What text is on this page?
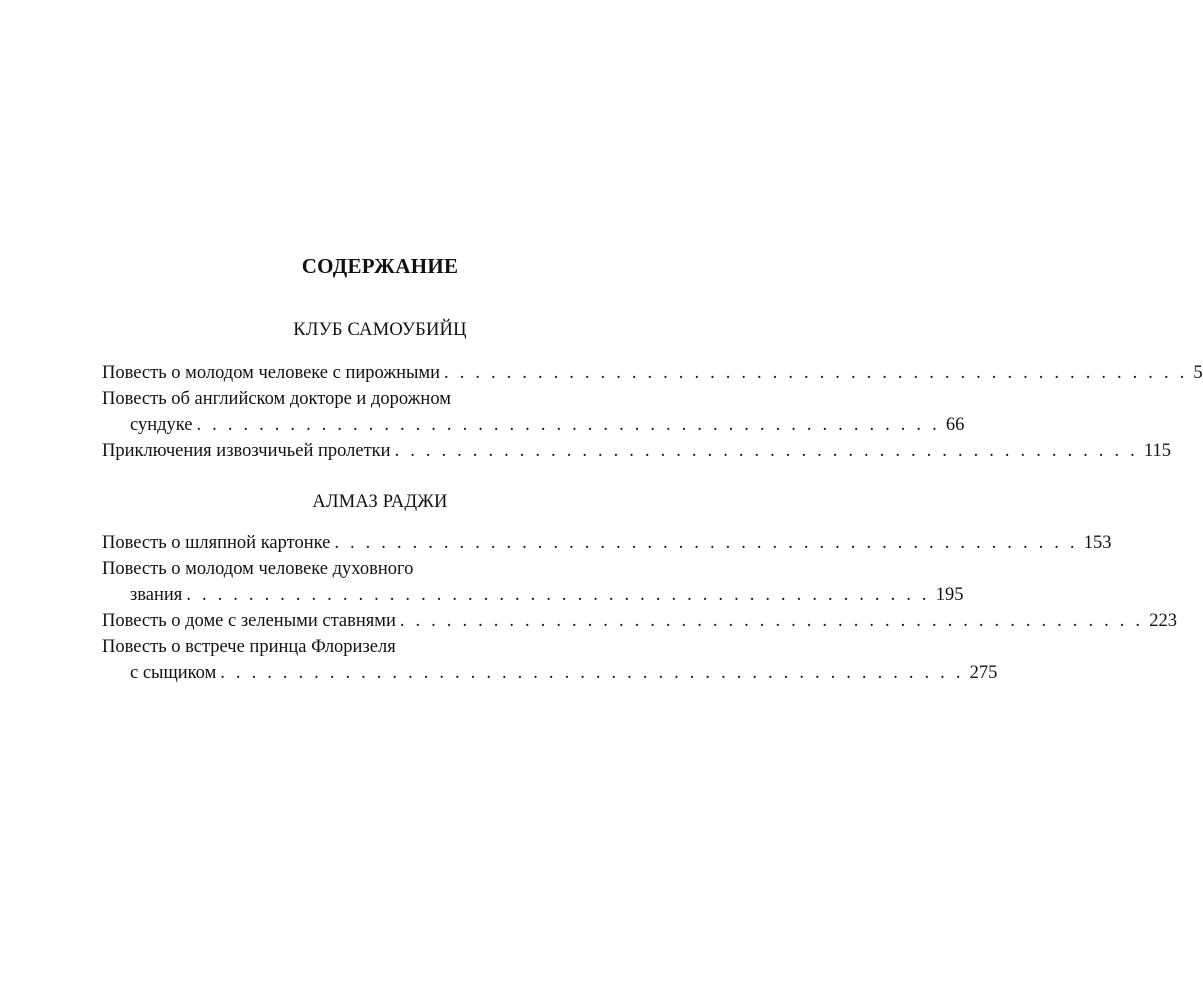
СОДЕРЖАНИЕ
КЛУБ САМОУБИЙЦ
Повесть о молодом человеке с пирожными . . . . . . . . . . . . . . . . . . . . . . . . . . . . . . . . . . . . . . . . . . . . . . . . 5
Повесть об английском докторе и дорожном
сундуке . . . . . . . . . . . . . . . . . . . . . . . . . . . . . . . . . . . . . . . . . . . . . . . . 66
Приключения извозчичьей пролетки . . . . . . . . . . . . . . . . . . . . . . . . . . . . . . . . . . . . . . . . . . . . . . . . 115
АЛМАЗ РАДЖИ
Повесть о шляпной картонке . . . . . . . . . . . . . . . . . . . . . . . . . . . . . . . . . . . . . . . . . . . . . . . . 153
Повесть о молодом человеке духовного
звания . . . . . . . . . . . . . . . . . . . . . . . . . . . . . . . . . . . . . . . . . . . . . . . . 195
Повесть о доме с зелеными ставнями . . . . . . . . . . . . . . . . . . . . . . . . . . . . . . . . . . . . . . . . . . . . . . . . 223
Повесть о встрече принца Флоризеля
с сыщиком . . . . . . . . . . . . . . . . . . . . . . . . . . . . . . . . . . . . . . . . . . . . . . . . 275
